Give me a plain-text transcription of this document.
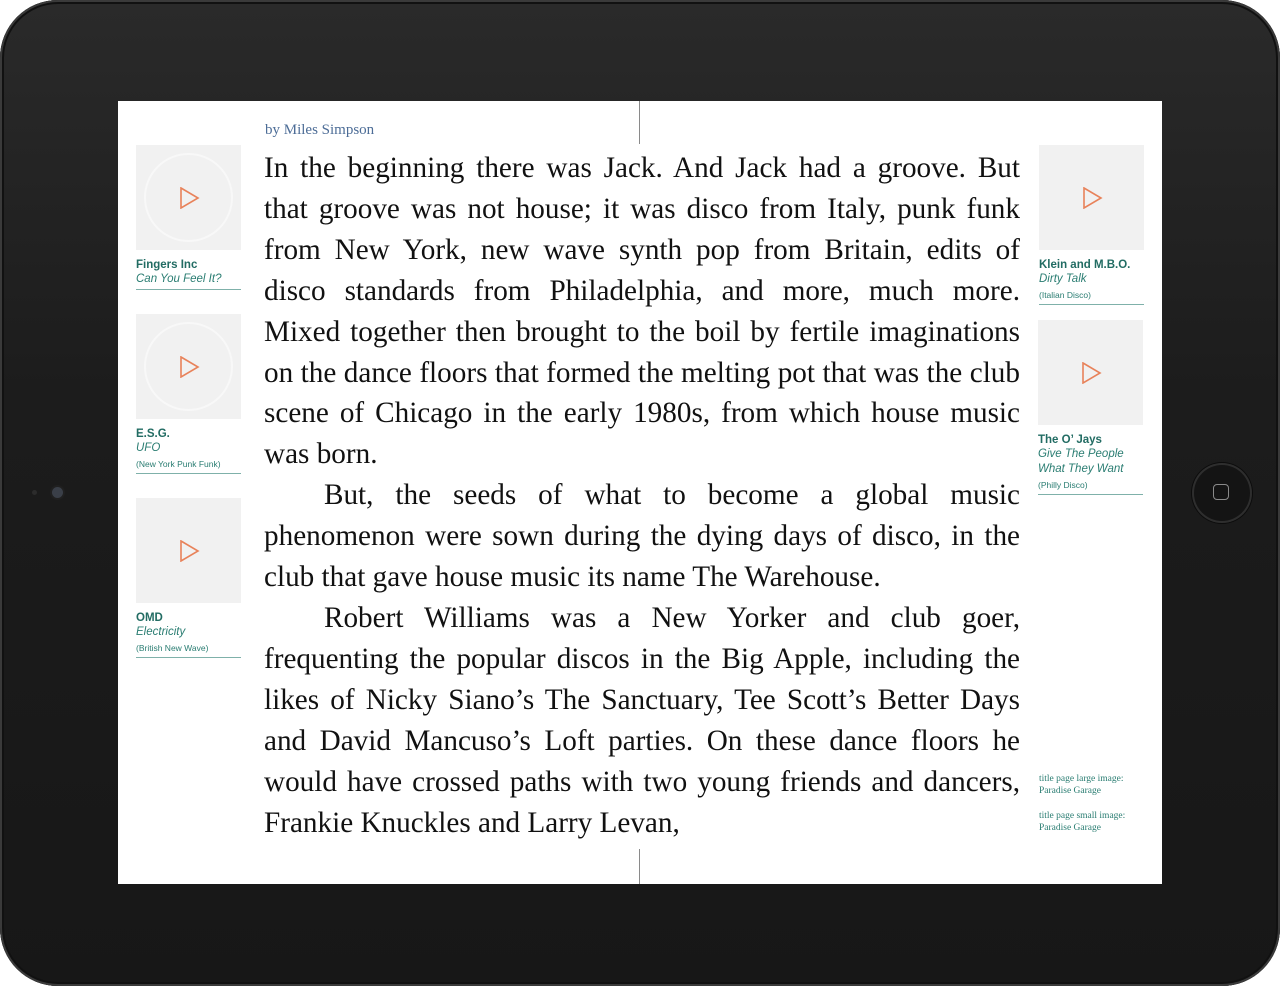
by Miles Simpson

In the beginning there was Jack. And Jack had a groove. But that groove was not house; it was disco from Italy, punk funk from New York, new wave synth pop from Britain, edits of disco standards from Philadelphia, and more, much more. Mixed together then brought to the boil by fertile imaginations on the dance floors that formed the melting pot that was the club scene of Chicago in the early 1980s, from which house music was born.

But, the seeds of what to become a global music phenomenon were sown during the dying days of disco, in the club that gave house music its name The Warehouse.

Robert Williams was a New Yorker and club goer, frequenting the popular discos in the Big Apple, including the likes of Nicky Siano’s The Sanctuary, Tee Scott’s Better Days and David Mancuso’s Loft parties. On these dance floors he would have crossed paths with two young friends and dancers, Frankie Knuckles and Larry Levan,

Fingers Inc
Can You Feel It?
E.S.G.
UFO
(New York Punk Funk)
OMD
Electricity
(British New Wave)
Klein and M.B.O.
Dirty Talk
(Italian Disco)
The O’ Jays
Give The People What They Want
(Philly Disco)
title page large image:
Paradise Garage
title page small image:
Paradise Garage
